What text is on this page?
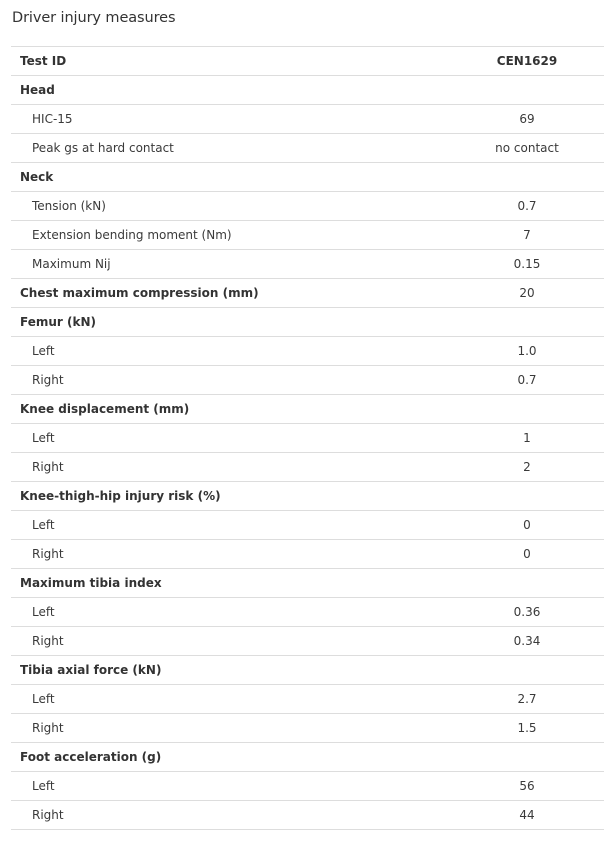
Driver injury measures
Test ID	CEN1629
Head
HIC-15	69
Peak gs at hard contact	no contact
Neck
Tension (kN)	0.7
Extension bending moment (Nm)	7
Maximum Nij	0.15
Chest maximum compression (mm)	20
Femur (kN)
Left	1.0
Right	0.7
Knee displacement (mm)
Left	1
Right	2
Knee-thigh-hip injury risk (%)
Left	0
Right	0
Maximum tibia index
Left	0.36
Right	0.34
Tibia axial force (kN)
Left	2.7
Right	1.5
Foot acceleration (g)
Left	56
Right	44
